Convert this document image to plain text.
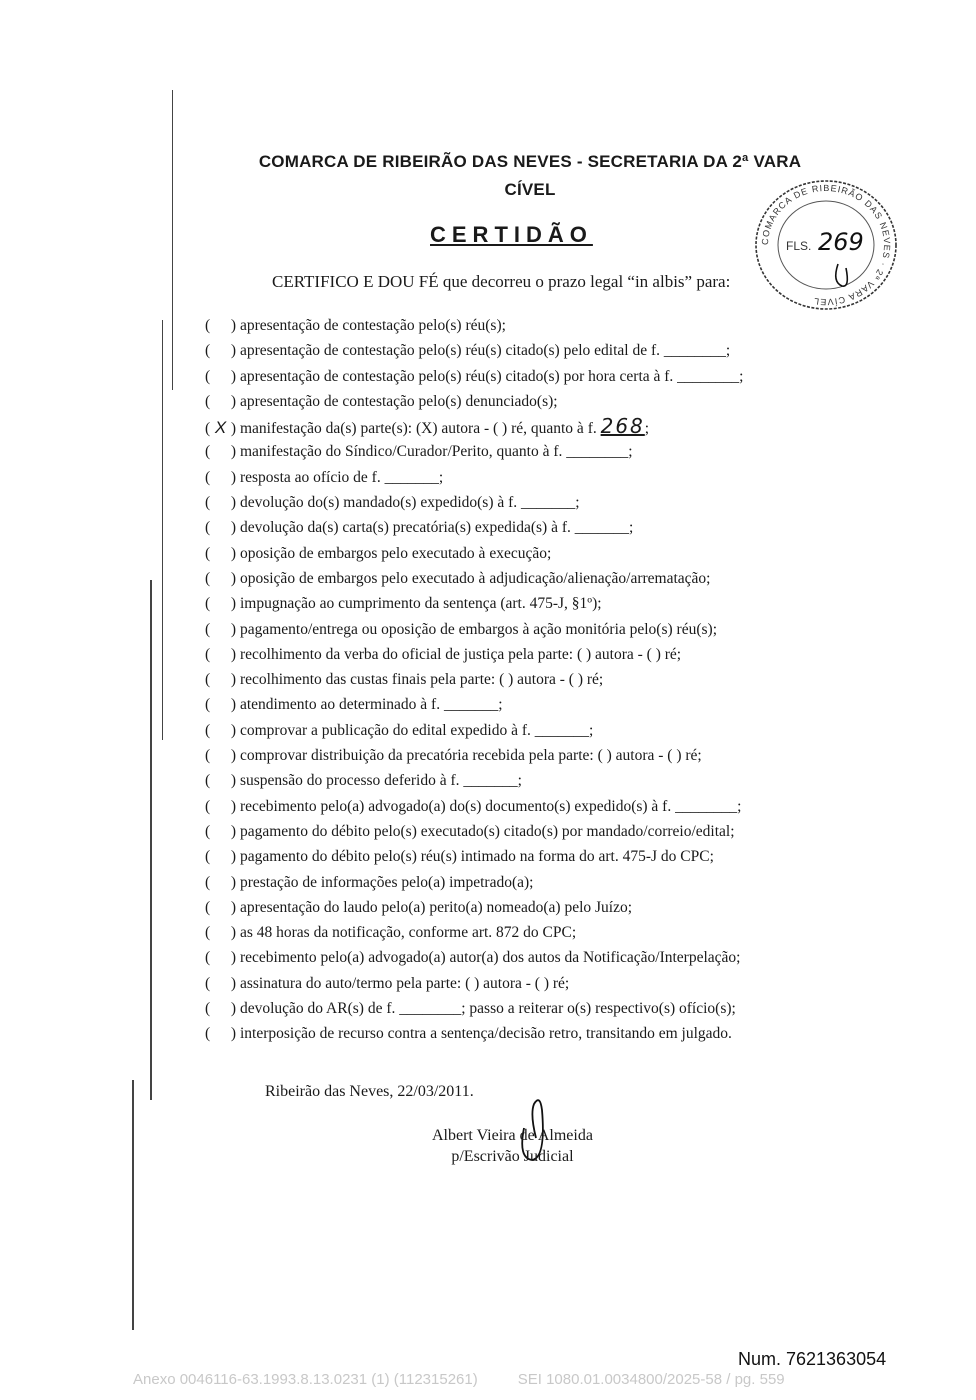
COMARCA DE RIBEIRÃO DAS NEVES - SECRETARIA DA 2ª VARA
CÍVEL
CERTIDÃO
CERTIFICO E DOU FÉ que decorreu o prazo legal “in albis” para:
COMARCA DE RIBEIRÃO DAS NEVES · 2ª VARA CÍVEL
FLS. 269
(  ) apresentação de contestação pelo(s) réu(s);
(  ) apresentação de contestação pelo(s) réu(s) citado(s) pelo edital de f. ________;
(  ) apresentação de contestação pelo(s) réu(s) citado(s) por hora certa à f. ________;
(  ) apresentação de contestação pelo(s) denunciado(s);
( X ) manifestação da(s) parte(s): (X) autora - ( ) ré, quanto à f. 268;
(  ) manifestação do Síndico/Curador/Perito, quanto à f. ________;
(  ) resposta ao ofício de f. _______;
(  ) devolução do(s) mandado(s) expedido(s) à f. _______;
(  ) devolução da(s) carta(s) precatória(s) expedida(s) à f. _______;
(  ) oposição de embargos pelo executado à execução;
(  ) oposição de embargos pelo executado à adjudicação/alienação/arrematação;
(  ) impugnação ao cumprimento da sentença (art. 475-J, §1º);
(  ) pagamento/entrega ou oposição de embargos à ação monitória pelo(s) réu(s);
(  ) recolhimento da verba do oficial de justiça pela parte: ( ) autora - ( ) ré;
(  ) recolhimento das custas finais pela parte: ( ) autora - ( ) ré;
(  ) atendimento ao determinado à f. _______;
(  ) comprovar a publicação do edital expedido à f. _______;
(  ) comprovar distribuição da precatória recebida pela parte: ( ) autora - ( ) ré;
(  ) suspensão do processo deferido à f. _______;
(  ) recebimento pelo(a) advogado(a) do(s) documento(s) expedido(s) à f. ________;
(  ) pagamento do débito pelo(s) executado(s) citado(s) por mandado/correio/edital;
(  ) pagamento do débito pelo(s) réu(s) intimado na forma do art. 475-J do CPC;
(  ) prestação de informações pelo(a) impetrado(a);
(  ) apresentação do laudo pelo(a) perito(a) nomeado(a) pelo Juízo;
(  ) as 48 horas da notificação, conforme art. 872 do CPC;
(  ) recebimento pelo(a) advogado(a) autor(a) dos autos da Notificação/Interpelação;
(  ) assinatura do auto/termo pela parte: ( ) autora - ( ) ré;
(  ) devolução do AR(s) de f. ________; passo a reiterar o(s) respectivo(s) ofício(s);
(  ) interposição de recurso contra a sentença/decisão retro, transitando em julgado.
Ribeirão das Neves, 22/03/2011.
Albert Vieira de Almeida
p/Escrivão Judicial
Num. 7621363054
Anexo 0046116-63.1993.8.13.0231 (1) (112315261)	SEI 1080.01.0034800/2025-58 / pg. 559
